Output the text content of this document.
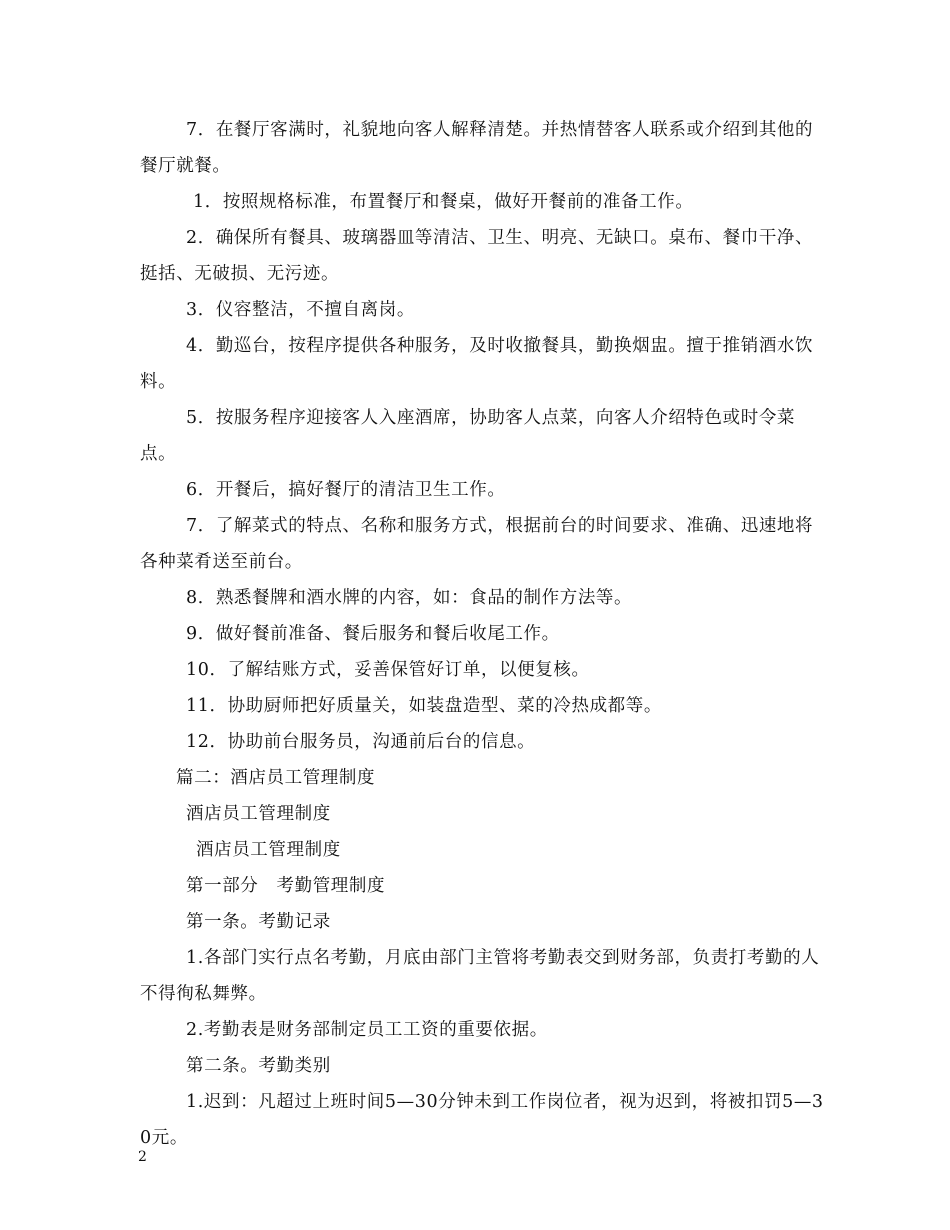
7．在餐厅客满时，礼貌地向客人解释清楚。并热情替客人联系或介绍到其他的餐厅就餐。
1．按照规格标准，布置餐厅和餐桌，做好开餐前的准备工作。
2．确保所有餐具、玻璃器皿等清洁、卫生、明亮、无缺口。桌布、餐巾干净、挺括、无破损、无污迹。
3．仪容整洁，不擅自离岗。
4．勤巡台，按程序提供各种服务，及时收撤餐具，勤换烟盅。擅于推销酒水饮料。
5．按服务程序迎接客人入座酒席，协助客人点菜，向客人介绍特色或时令菜点。
6．开餐后，搞好餐厅的清洁卫生工作。
7．了解菜式的特点、名称和服务方式，根据前台的时间要求、准确、迅速地将各种菜肴送至前台。
8．熟悉餐牌和酒水牌的内容，如：食品的制作方法等。
9．做好餐前准备、餐后服务和餐后收尾工作。
10．了解结账方式，妥善保管好订单，以便复核。
11．协助厨师把好质量关，如装盘造型、菜的冷热成都等。
12．协助前台服务员，沟通前后台的信息。
篇二：酒店员工管理制度
酒店员工管理制度
酒店员工管理制度
第一部分　考勤管理制度
第一条。考勤记录
1.各部门实行点名考勤，月底由部门主管将考勤表交到财务部，负责打考勤的人不得徇私舞弊。
2.考勤表是财务部制定员工工资的重要依据。
第二条。考勤类别
1.迟到：凡超过上班时间5—30分钟未到工作岗位者，视为迟到，将被扣罚5—30元。
2
